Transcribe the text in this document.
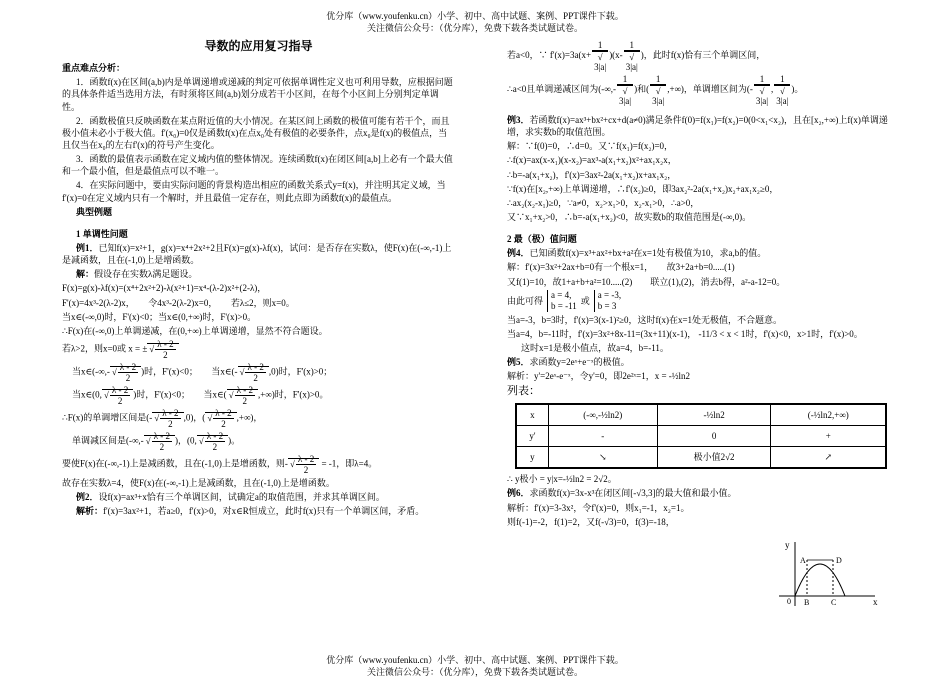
优分库（www.youfenku.cn）小学、初中、高中试题、案例、PPT课件下载。
关注微信公众号：（优分库），免费下载各类试题试卷。
导数的应用复习指导
重点难点分析：

1．函数f(x)在区间(a,b)内是单调递增或递减的判定可依据单调性定义也可利用导数，应根据问题的具体条件适当选用方法，有时须将区间(a,b)划分成若干小区间，在每个小区间上分别判定单调性。

2．函数极值只反映函数在某点附近值的大小情况。在某区间上函数的极值可能有若干个，而且极小值未必小于极大值。f'(x₀)=0仅是函数f(x)在点x₀处有极值的必要条件，点x₀是f(x)的极值点，当且仅当在x₀的左右f'(x)的符号产生变化。

3．函数的最值表示函数在定义域内值的整体情况。连续函数f(x)在闭区间[a,b]上必有一个最大值和一个最小值，但是最值点可以不唯一。

4．在实际问题中，要由实际问题的背景构造出相应的函数关系式y=f(x)，并注明其定义域，当f'(x)=0在定义域内只有一个解时，并且最值一定存在，则此点即为函数f(x)的最值点。

典型例题
1 单调性问题

例1．已知f(x)=x²+1，g(x)=x⁴+2x²+2且F(x)=g(x)-λf(x)，试问：是否存在实数λ，使F(x)在(-∞,-1)上是减函数，且在(-1,0)上是增函数。

解：假设存在实数λ满足题设。

F(x)=g(x)-λf(x)=(x⁴+2x²+2)-λ(x²+1)=x⁴-(λ-2)x²+(2-λ)，

F'(x)=4x³-2(λ-2)x，　　令4x³-2(λ-2)x=0，　　若λ≤2，则x=0。

当x∈(-∞,0)时，F'(x)<0；当x∈(0,+∞)时，F'(x)>0。

∴F(x)在(-∞,0)上单调递减，在(0,+∞)上单调递增，显然不符合题设。

若λ>2，则x=0或 x = ± √ $\frac{\lambda - 2}{2}$

当x∈(-∞,- √ $\frac{\lambda - 2}{2}$ )时，F'(x)<0； 当x∈(- √ $\frac{\lambda - 2}{2} ,0$)时，F'(x)>0；

当x∈(0, √ $\frac{\lambda - 2}{2}$ )时，F'(x)<0； 当x∈( √ $\frac{\lambda - 2}{2}$ ,+∞)时，F'(x)>0。

∴F(x)的单调增区间是(- √ $\frac{\lambda - 2}{2} ,0$)，( √ $\frac{\lambda - 2}{2}$ ,+∞)，

单调减区间是(-∞,- √ $\frac{\lambda - 2}{2}$ )，(0, √ $\frac{\lambda - 2}{2}$ )。

要使F(x)在(-∞,-1)上是减函数，且在(-1,0)上是增函数，则- √ $\frac{\lambda - 2}{2} = -1$，即λ=4。

故存在实数λ=4，使F(x)在(-∞,-1)上是减函数，且在(-1,0)上是增函数。

例2．设f(x)=ax³+x恰有三个单调区间，试确定a的取值范围，并求其单调区间。

解析：f'(x)=3ax²+1，若a≥0，f'(x)>0，对x∈R恒成立，此时f(x)只有一个单调区间，矛盾。

若a<0，∵ f'(x)=3a(x+ 1
√
3|a| )(x- 1
√
3|a| )，此时f(x)恰有三个单调区间，

∴a<0且单调递减区间为(-∞,- 1
√
3|a| )和( 1
√
3|a| ,+∞)，单调增区间为(- 1
√
3|a| , 1
√
3|a| )。

例3．若函数f(x)=ax³+bx²+cx+d(a≠0)满足条件f(0)=f(x₁)=f(x₂)=0(0<x₁<x₂)，且在[x₂,+∞)上f(x)单调递增，求实数b的取值范围。

解：∵f(0)=0，∴d=0。又∵f(x₁)=f(x₂)=0，

∴f(x)=ax(x-x₁)(x-x₂)=ax³-a(x₁+x₂)x²+ax₁x₂x，

∴b=-a(x₁+x₂)，f'(x)=3ax²-2a(x₁+x₂)x+ax₁x₂，

∵f(x)在[x₂,+∞)上单调递增，∴f'(x₂)≥0，即3ax₂²-2a(x₁+x₂)x₂+ax₁x₂≥0，

∴ax₂(x₂-x₁)≥0，∵a≠0，x₂>x₁>0，x₂-x₁>0，∴a>0，

又∵x₁+x₂>0，∴b=-a(x₁+x₂)<0，故实数b的取值范围是(-∞,0)。

2 最（极）值问题

例4．已知函数f(x)=x³+ax²+bx+a²在x=1处有极值为10，求a,b的值。

解：f'(x)=3x²+2ax+b=0有一个根x=1，　　故3+2a+b=0.....(1)

又f(1)=10，故1+a+b+a²=10.....(2)　　联立(1),(2)，消去b得，a²-a-12=0。

由此可得
a = 4,
b = -11
或
a = -3,
b = 3

当a=-3，b=3时，f'(x)=3(x-1)²≥0，这时f(x)在x=1处无极值，不合题意。

当a=4，b=-11时，f'(x)=3x²+8x-11=(3x+11)(x-1)， -11/3 < x < 1时，f'(x)<0，x>1时，f'(x)>0。

这时x=1是极小值点，故a=4，b=-11。

例5．求函数y=2eˣ+e⁻ˣ的极值。

解析：y'=2eˣ-e⁻ˣ，令y'=0，即2e²ˣ=1，x = -½ln2

列表：

x	(-∞,-½ln2)	-½ln2	(-½ln2,+∞)
y'	-	0	+
y	↘	极小值2√2	↗

∴ y极小 = y|x=-½ln2 = 2√2。

例6．求函数f(x)=3x-x³在闭区间[-√3,3]的最大值和最小值。

解析：f'(x)=3-3x²，令f'(x)=0，则x₁=-1，x₂=1。

则f(-1)=-2，f(1)=2，又f(-√3)=0，f(3)=-18，

y
x
0
A
B	C
D
优分库（www.youfenku.cn）小学、初中、高中试题、案例、PPT课件下载。
关注微信公众号：（优分库），免费下载各类试题试卷。
